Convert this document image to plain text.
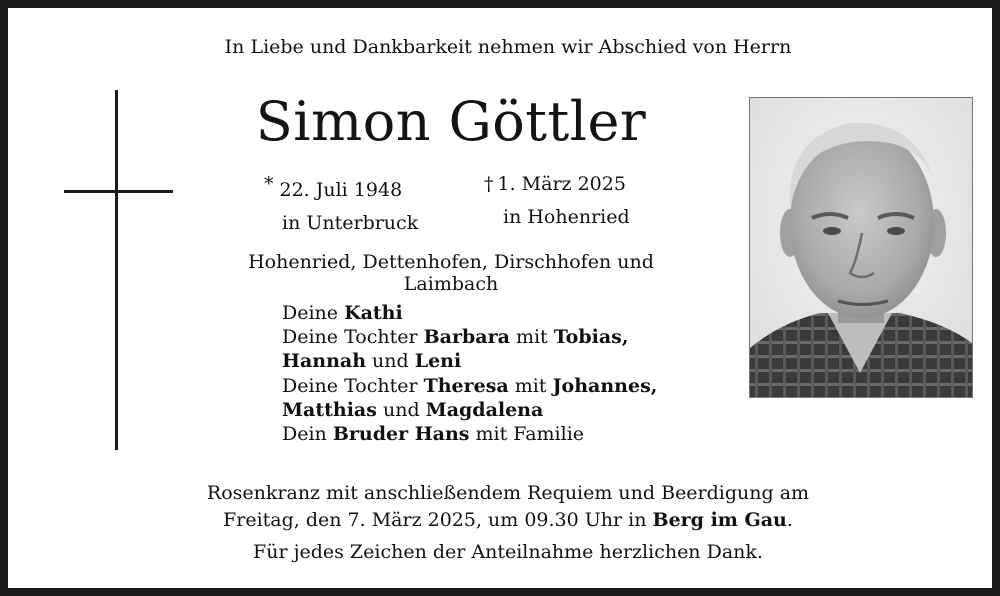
In Liebe und Dankbarkeit nehmen wir Abschied von Herrn
Simon Göttler
* 22. Juli 1948
in Unterbruck
† 1. März 2025
in Hohenried
Hohenried, Dettenhofen, Dirschhofen und Laimbach
Deine Kathi
Deine Tochter Barbara mit Tobias,
Hannah und Leni
Deine Tochter Theresa mit Johannes,
Matthias und Magdalena
Dein Bruder Hans mit Familie
Rosenkranz mit anschließendem Requiem und Beerdigung am
Freitag, den 7. März 2025, um 09.30 Uhr in Berg im Gau.
Für jedes Zeichen der Anteilnahme herzlichen Dank.
